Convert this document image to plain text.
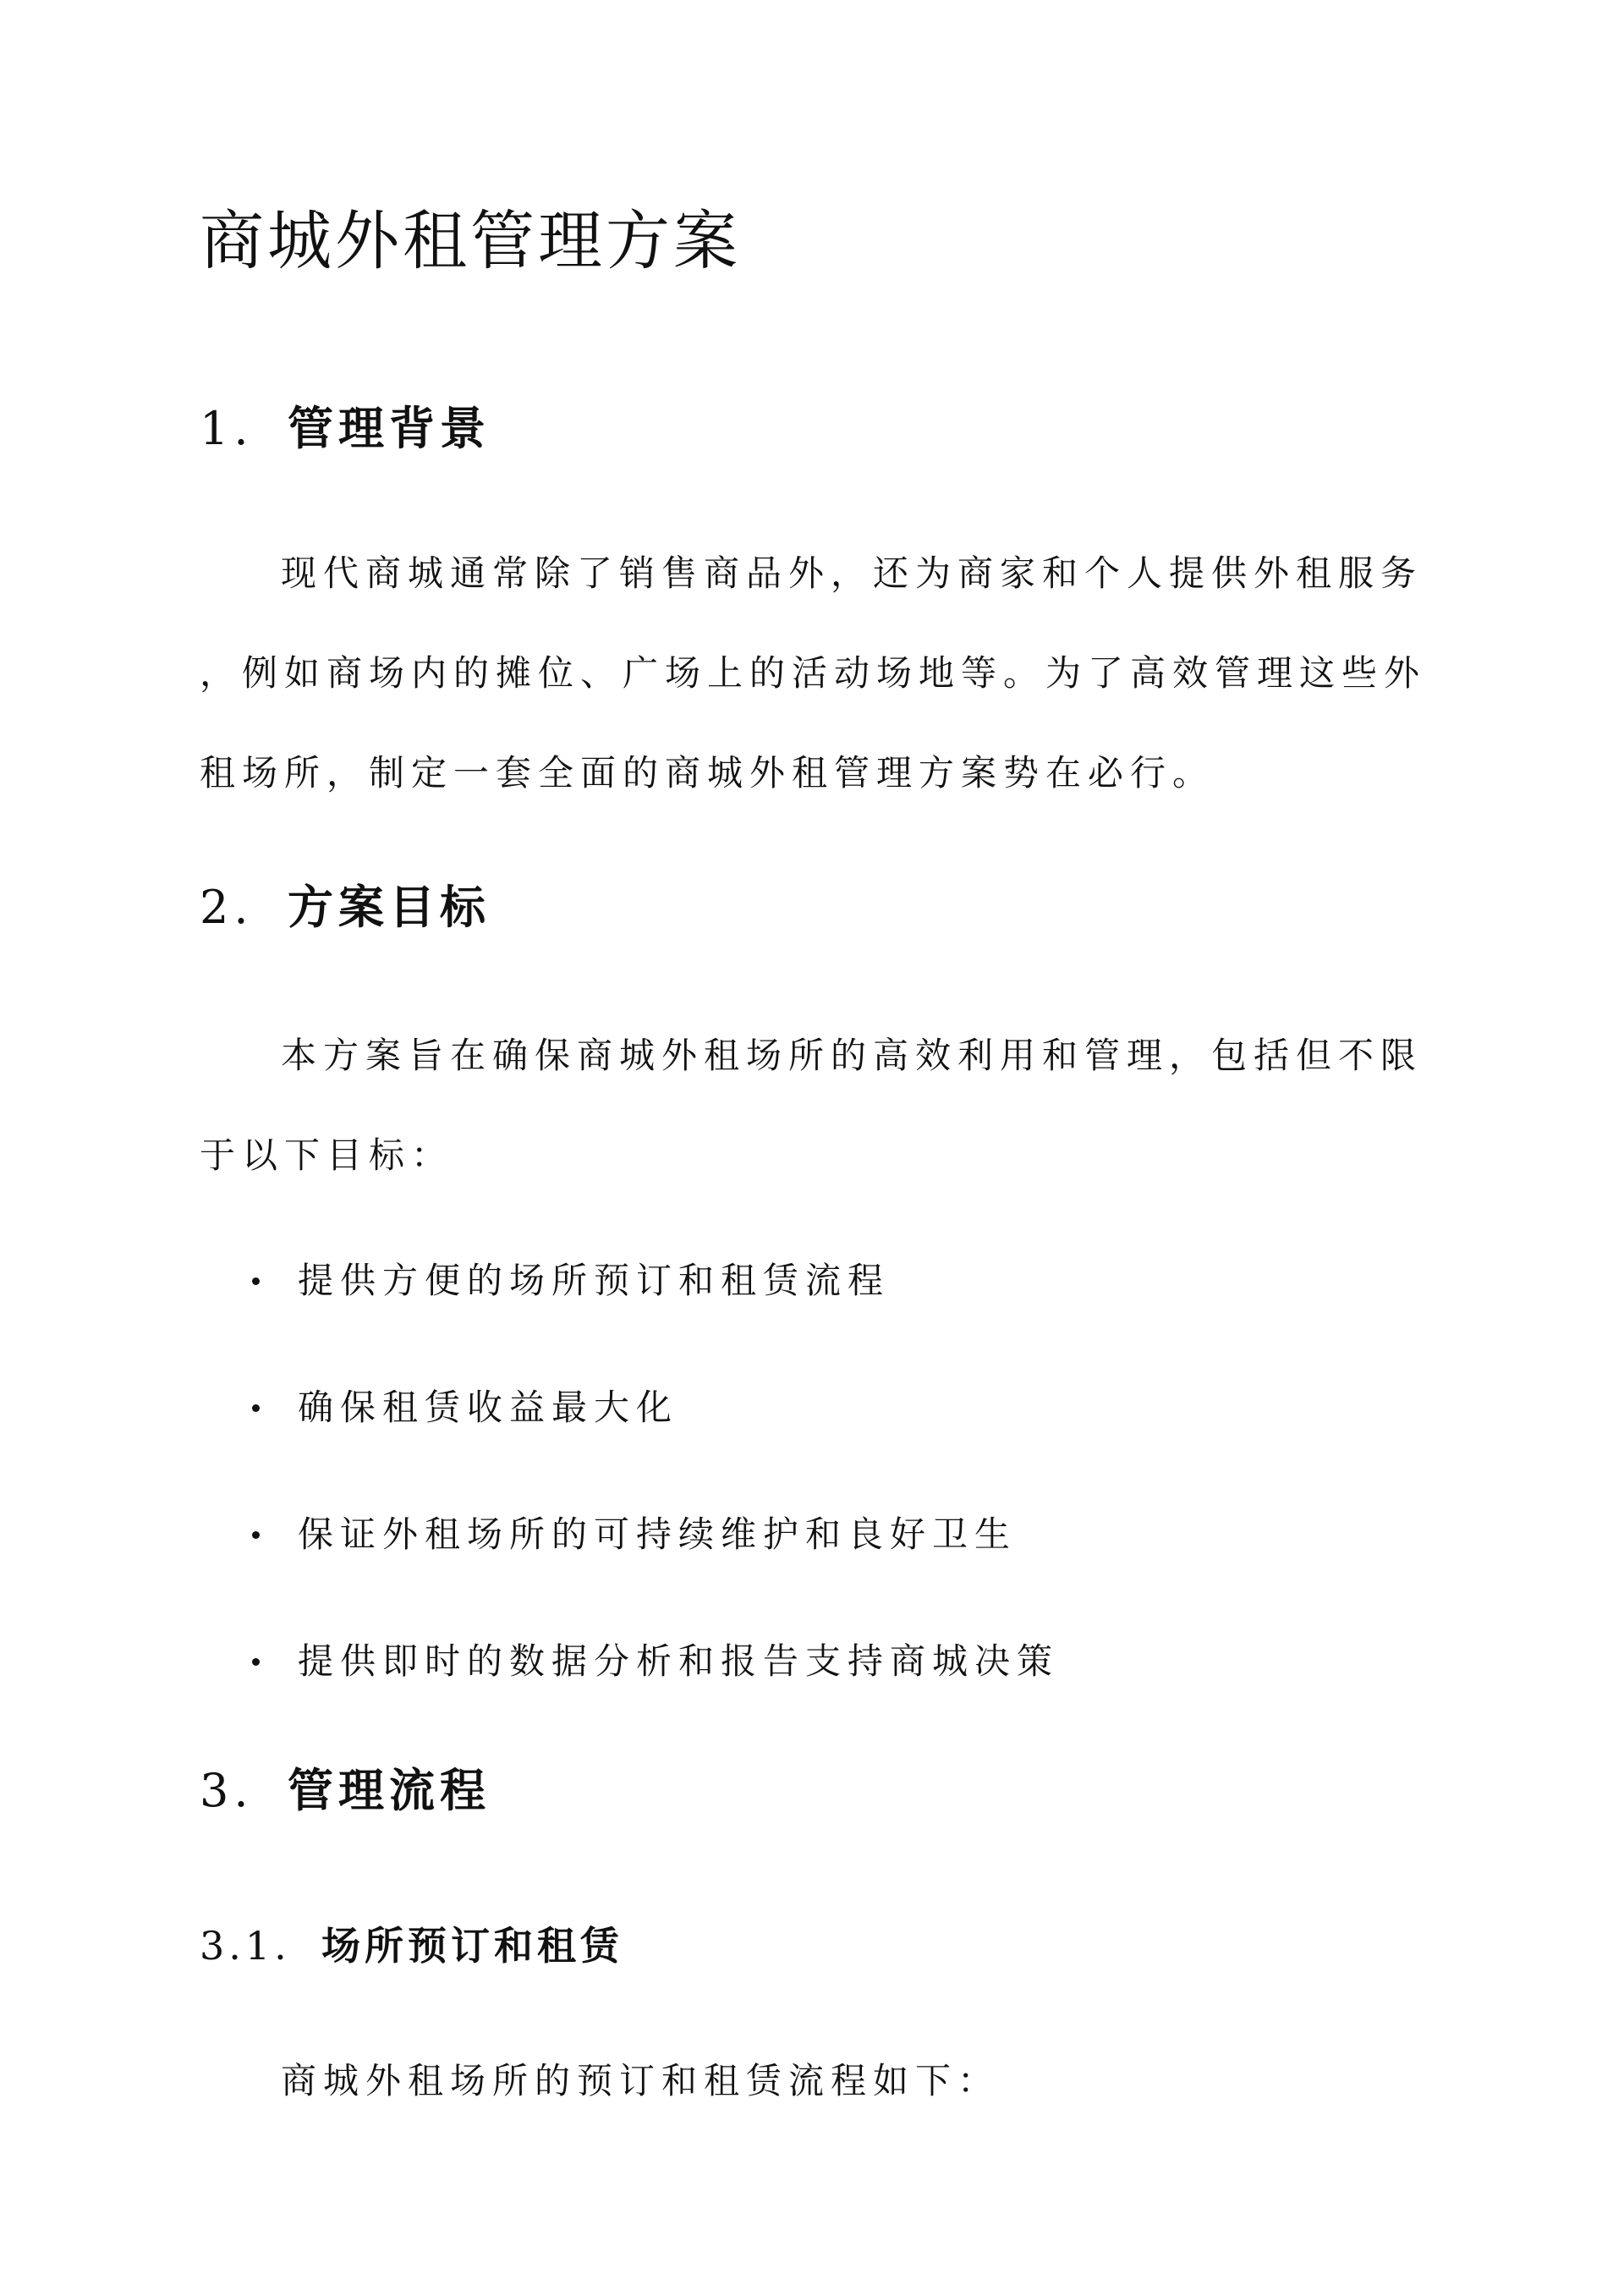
商城外租管理方案
1. 管理背景
现代商城通常除了销售商品外，还为商家和个人提供外租服务
，例如商场内的摊位、广场上的活动场地等。为了高效管理这些外
租场所，制定一套全面的商城外租管理方案势在必行。
2. 方案目标
本方案旨在确保商城外租场所的高效利用和管理，包括但不限
于以下目标：
提供方便的场所预订和租赁流程
确保租赁收益最大化
保证外租场所的可持续维护和良好卫生
提供即时的数据分析和报告支持商城决策
3. 管理流程
3.1. 场所预订和租赁
商城外租场所的预订和租赁流程如下：
